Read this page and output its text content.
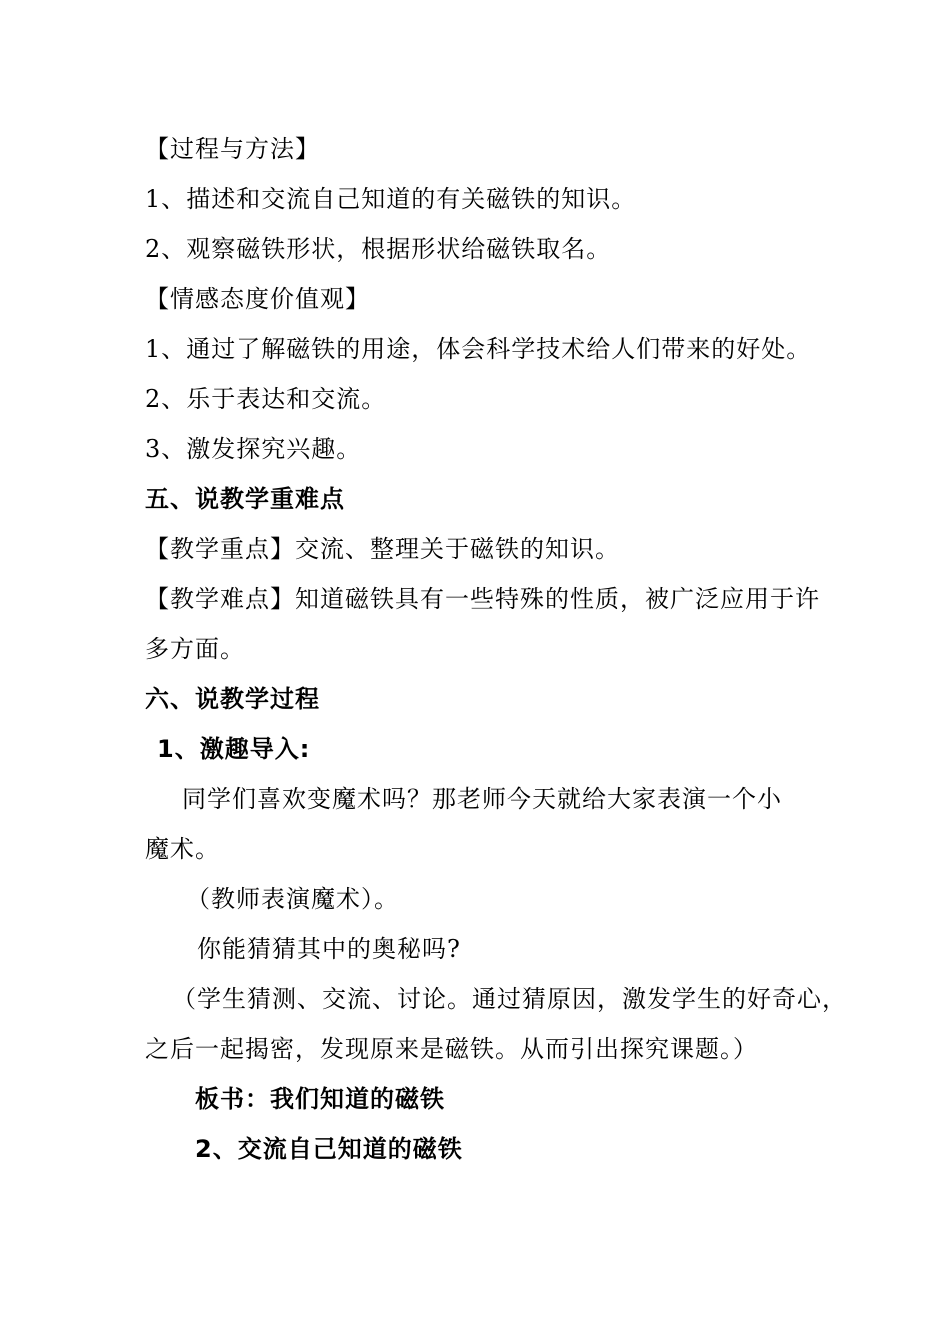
【过程与方法】
1、描述和交流自己知道的有关磁铁的知识。
2、观察磁铁形状，根据形状给磁铁取名。
【情感态度价值观】
1、通过了解磁铁的用途，体会科学技术给人们带来的好处。
2、乐于表达和交流。
3、激发探究兴趣。
五、说教学重难点
【教学重点】交流、整理关于磁铁的知识。
【教学难点】知道磁铁具有一些特殊的性质，被广泛应用于许
多方面。
六、说教学过程
1、激趣导入:
同学们喜欢变魔术吗？那老师今天就给大家表演一个小
魔术。
（教师表演魔术）。
你能猜猜其中的奥秘吗?
（学生猜测、交流、讨论。通过猜原因，激发学生的好奇心，
之后一起揭密，发现原来是磁铁。从而引出探究课题。）
板书：我们知道的磁铁
2、交流自己知道的磁铁
